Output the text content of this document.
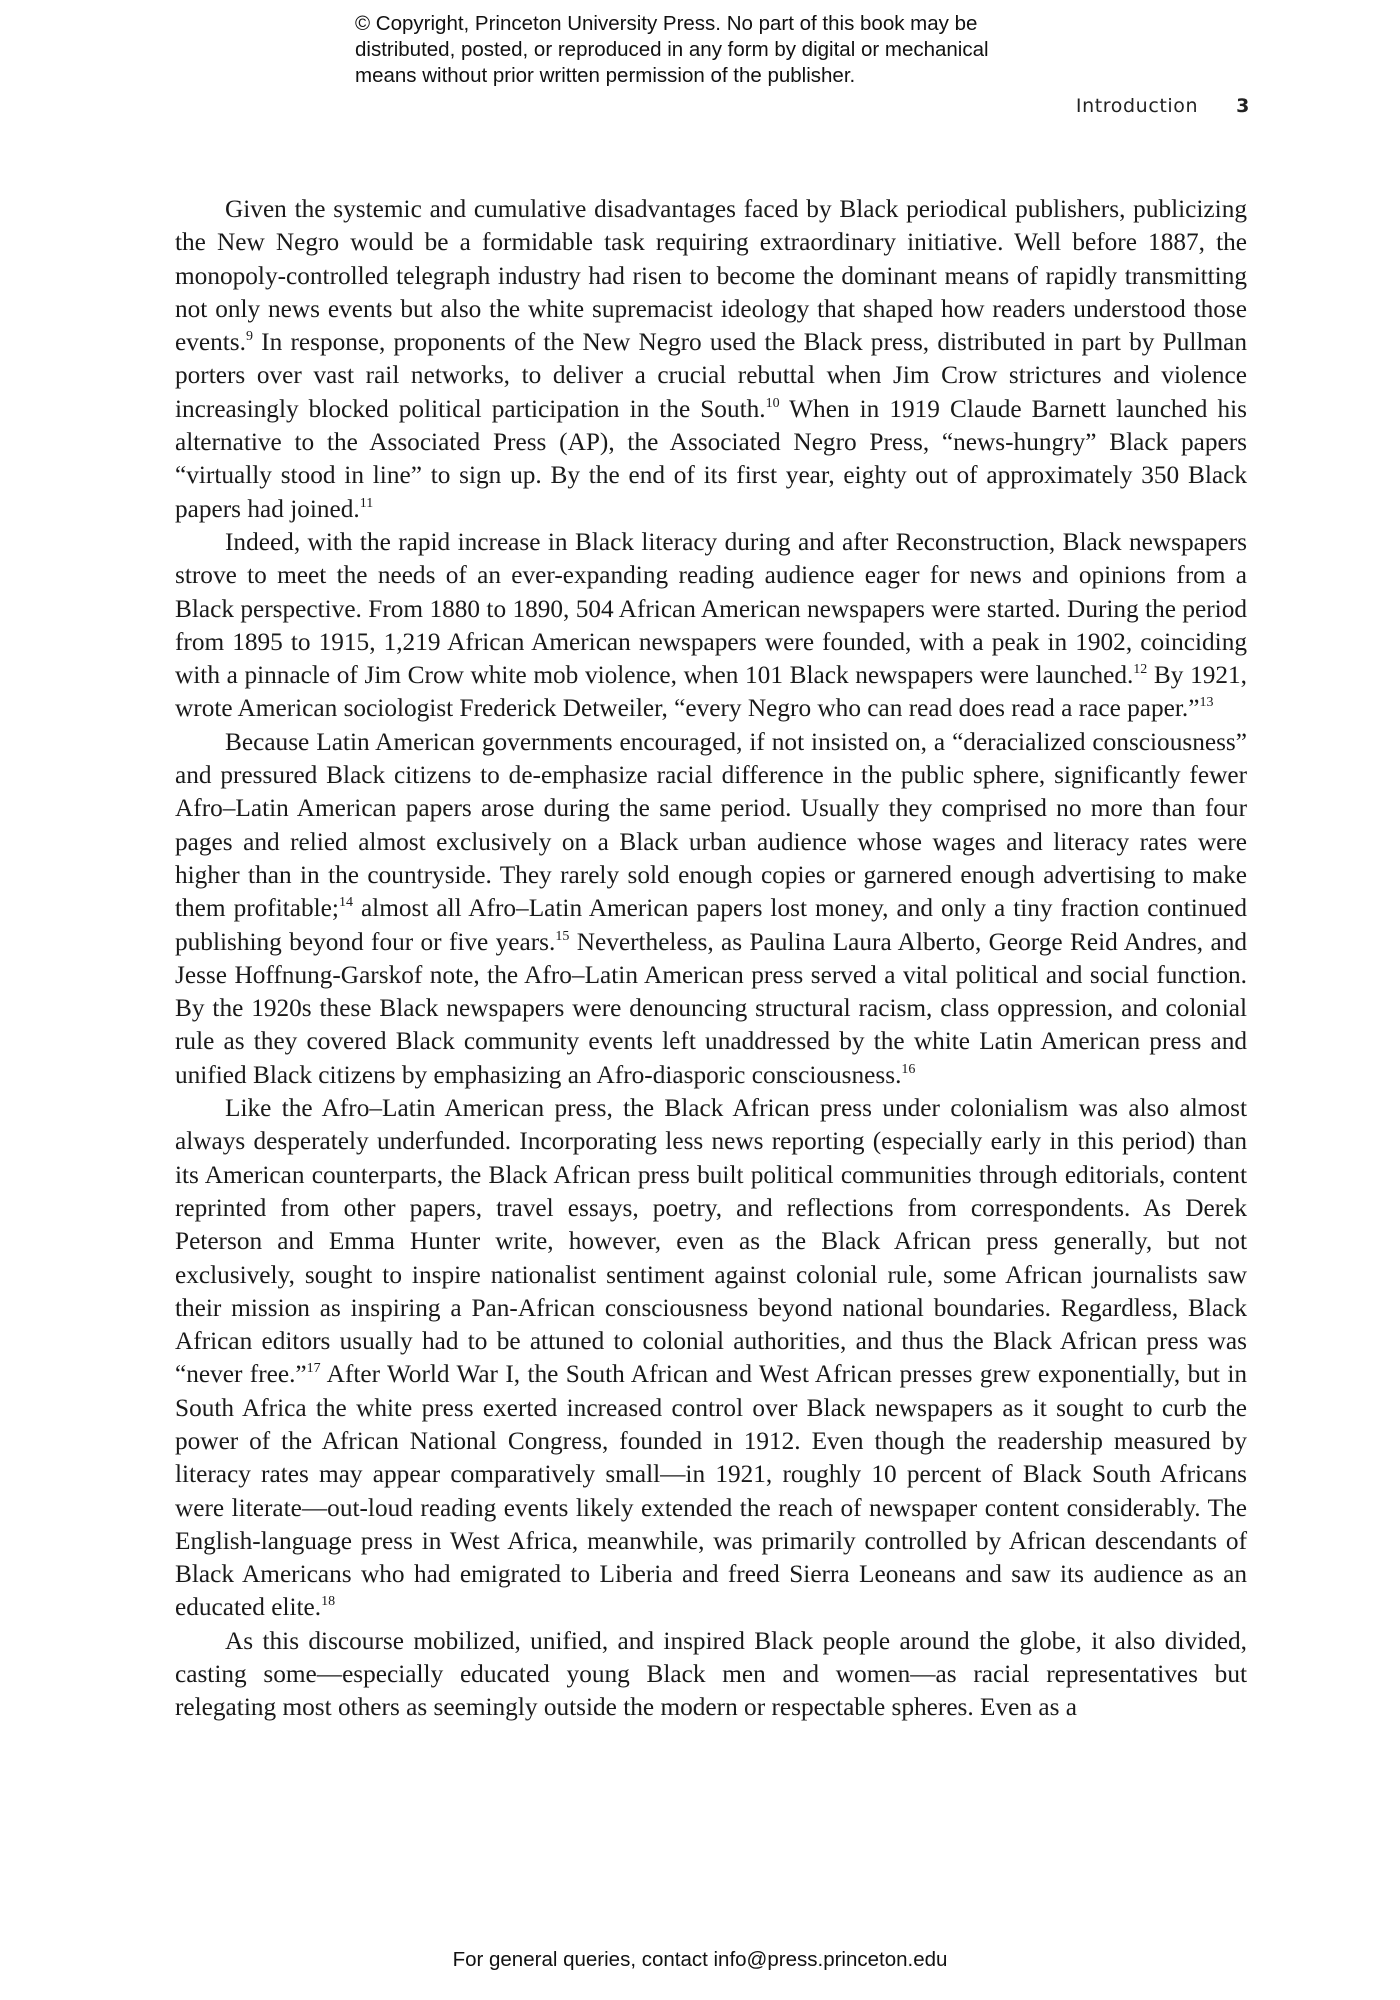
© Copyright, Princeton University Press. No part of this book may be
distributed, posted, or reproduced in any form by digital or mechanical
means without prior written permission of the publisher.
Introduction 3

Given the systemic and cumulative disadvantages faced by Black periodical publishers, publicizing the New Negro would be a formidable task requiring extraordinary initiative. Well before 1887, the monopoly-controlled telegraph industry had risen to become the dominant means of rapidly transmitting not only news events but also the white supremacist ideology that shaped how readers understood those events.$^9$ In response, proponents of the New Negro used the Black press, distributed in part by Pullman porters over vast rail networks, to deliver a crucial rebuttal when Jim Crow strictures and violence increasingly blocked political participation in the South.$^{10}$ When in 1919 Claude Barnett launched his alternative to the Associated Press (AP), the Associated Negro Press, “news-hungry” Black papers “virtually stood in line” to sign up. By the end of its first year, eighty out of approximately 350 Black papers had joined.$^{11}$

Indeed, with the rapid increase in Black literacy during and after Reconstruction, Black newspapers strove to meet the needs of an ever-expanding reading audience eager for news and opinions from a Black perspective. From 1880 to 1890, 504 African American newspapers were started. During the period from 1895 to 1915, 1,219 African American newspapers were founded, with a peak in 1902, coinciding with a pinnacle of Jim Crow white mob violence, when 101 Black newspapers were launched.$^{12}$ By 1921, wrote American sociologist Frederick Detweiler, “every Negro who can read does read a race paper.”$^{13}$

Because Latin American governments encouraged, if not insisted on, a “deracialized consciousness” and pressured Black citizens to de-emphasize racial difference in the public sphere, significantly fewer Afro–Latin American papers arose during the same period. Usually they comprised no more than four pages and relied almost exclusively on a Black urban audience whose wages and literacy rates were higher than in the countryside. They rarely sold enough copies or garnered enough advertising to make them profitable;$^{14}$ almost all Afro–Latin American papers lost money, and only a tiny fraction continued publishing beyond four or five years.$^{15}$ Nevertheless, as Paulina Laura Alberto, George Reid Andres, and Jesse Hoffnung-Garskof note, the Afro–Latin American press served a vital political and social function. By the 1920s these Black newspapers were denouncing structural racism, class oppression, and colonial rule as they covered Black community events left unaddressed by the white Latin American press and unified Black citizens by emphasizing an Afro-diasporic consciousness.$^{16}$

Like the Afro–Latin American press, the Black African press under colonialism was also almost always desperately underfunded. Incorporating less news reporting (especially early in this period) than its American counterparts, the Black African press built political communities through editorials, content reprinted from other papers, travel essays, poetry, and reflections from correspondents. As Derek Peterson and Emma Hunter write, however, even as the Black African press generally, but not exclusively, sought to inspire nationalist sentiment against colonial rule, some African journalists saw their mission as inspiring a Pan-African consciousness beyond national boundaries. Regardless, Black African editors usually had to be attuned to colonial authorities, and thus the Black African press was “never free.”$^{17}$ After World War I, the South African and West African presses grew exponentially, but in South Africa the white press exerted increased control over Black newspapers as it sought to curb the power of the African National Congress, founded in 1912. Even though the readership measured by literacy rates may appear comparatively small—in 1921, roughly 10 percent of Black South Africans were literate—out-loud reading events likely extended the reach of newspaper content considerably. The English-language press in West Africa, meanwhile, was primarily controlled by African descendants of Black Americans who had emigrated to Liberia and freed Sierra Leoneans and saw its audience as an educated elite.$^{18}$

As this discourse mobilized, unified, and inspired Black people around the globe, it also divided, casting some—especially educated young Black men and women—as racial representatives but relegating most others as seemingly outside the modern or respectable spheres. Even as a

For general queries, contact info@press.princeton.edu
